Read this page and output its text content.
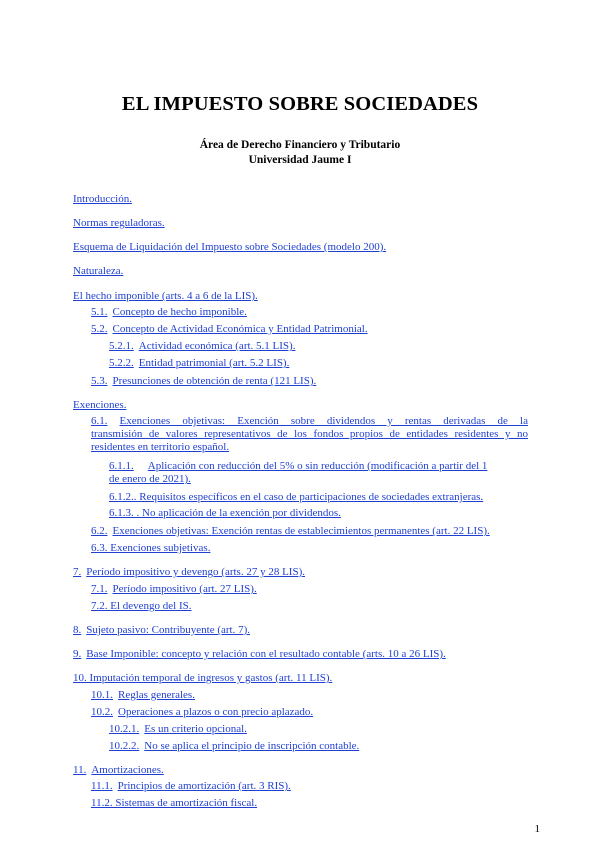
EL IMPUESTO SOBRE SOCIEDADES
Área de Derecho Financiero y Tributario
Universidad Jaume I
Introducción.
Normas reguladoras.
Esquema de Liquidación del Impuesto sobre Sociedades (modelo 200).
Naturaleza.
El hecho imponible (arts. 4 a 6 de la LIS).
5.1. Concepto de hecho imponible.
5.2. Concepto de Actividad Económica y Entidad Patrimonial.
5.2.1. Actividad económica (art. 5.1 LIS).
5.2.2. Entidad patrimonial (art. 5.2 LIS).
5.3. Presunciones de obtención de renta (121 LIS).
Exenciones.
6.1. Exenciones objetivas: Exención sobre dividendos y rentas derivadas de la
transmisión de valores representativos de los fondos propios de entidades residentes y no
residentes en territorio español.
6.1.1. Aplicación con reducción del 5% o sin reducción (modificación a partir del 1
de enero de 2021).
6.1.2.. Requisitos específicos en el caso de participaciones de sociedades extranjeras.
6.1.3. . No aplicación de la exención por dividendos.
6.2. Exenciones objetivas: Exención rentas de establecimientos permanentes (art. 22 LIS).
6.3. Exenciones subjetivas.
7. Período impositivo y devengo (arts. 27 y 28 LIS).
7.1. Período impositivo (art. 27 LIS).
7.2. El devengo del IS.
8. Sujeto pasivo: Contribuyente (art. 7).
9. Base Imponible: concepto y relación con el resultado contable (arts. 10 a 26 LIS).
10. Imputación temporal de ingresos y gastos (art. 11 LIS).
10.1. Reglas generales.
10.2. Operaciones a plazos o con precio aplazado.
10.2.1. Es un criterio opcional.
10.2.2. No se aplica el principio de inscripción contable.
11. Amortizaciones.
11.1. Principios de amortización (art. 3 RIS).
11.2. Sistemas de amortización fiscal.
1
